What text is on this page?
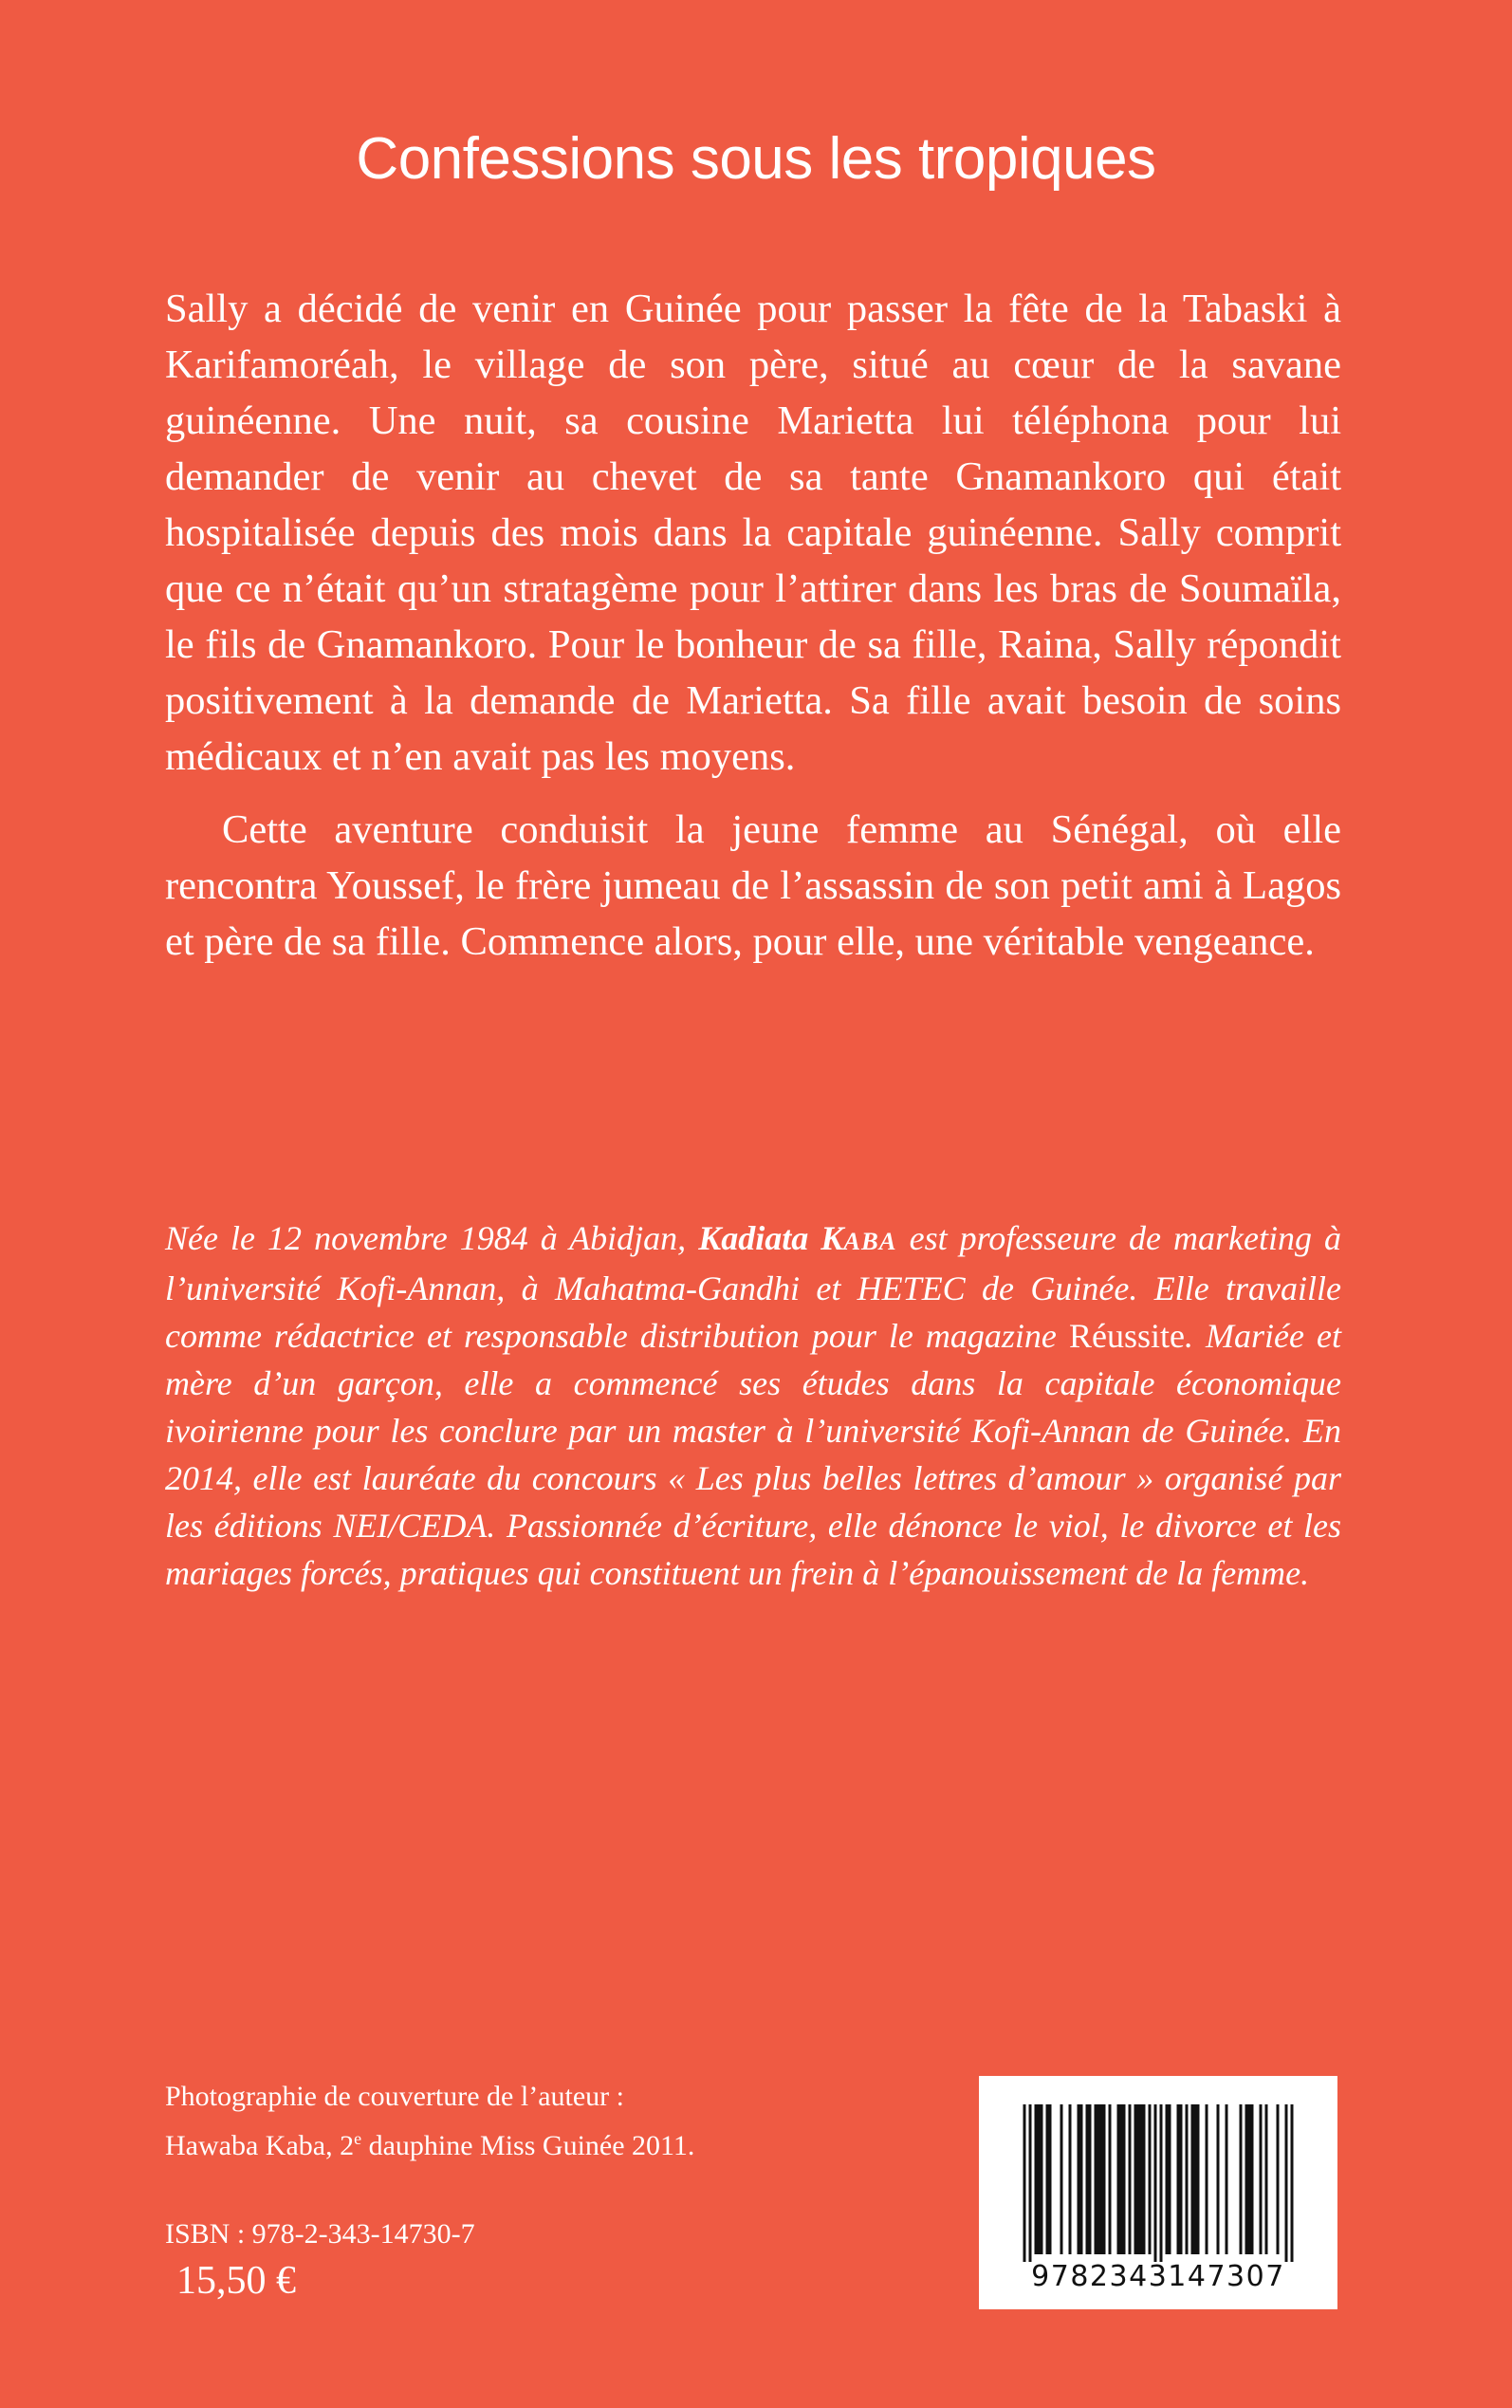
Confessions sous les tropiques

Sally a décidé de venir en Guinée pour passer la fête de la Tabaski à Karifamoréah, le village de son père, situé au cœur de la savane guinéenne. Une nuit, sa cousine Marietta lui téléphona pour lui demander de venir au chevet de sa tante Gnamankoro qui était hospitalisée depuis des mois dans la capitale guinéenne. Sally comprit que ce n’était qu’un stratagème pour l’attirer dans les bras de Soumaïla, le fils de Gnamankoro. Pour le bonheur de sa fille, Raina, Sally répondit positivement à la demande de Marietta. Sa fille avait besoin de soins médicaux et n’en avait pas les moyens.

Cette aventure conduisit la jeune femme au Sénégal, où elle rencontra Youssef, le frère jumeau de l’assassin de son petit ami à Lagos et père de sa fille. Commence alors, pour elle, une véritable vengeance.

Née le 12 novembre 1984 à Abidjan, Kadiata KABA est professeure de marketing à l’université Kofi-Annan, à Mahatma-Gandhi et HETEC de Guinée. Elle travaille comme rédactrice et responsable distribution pour le magazine Réussite. Mariée et mère d’un garçon, elle a commencé ses études dans la capitale économique ivoirienne pour les conclure par un master à l’université Kofi-Annan de Guinée. En 2014, elle est lauréate du concours « Les plus belles lettres d’amour » organisé par les éditions NEI/CEDA. Passionnée d’écriture, elle dénonce le viol, le divorce et les mariages forcés, pratiques qui constituent un frein à l’épanouissement de la femme.
Photographie de couverture de l’auteur :
Hawaba Kaba, 2e dauphine Miss Guinée 2011.
ISBN : 978-2-343-14730-7
15,50 €	9782343147307
